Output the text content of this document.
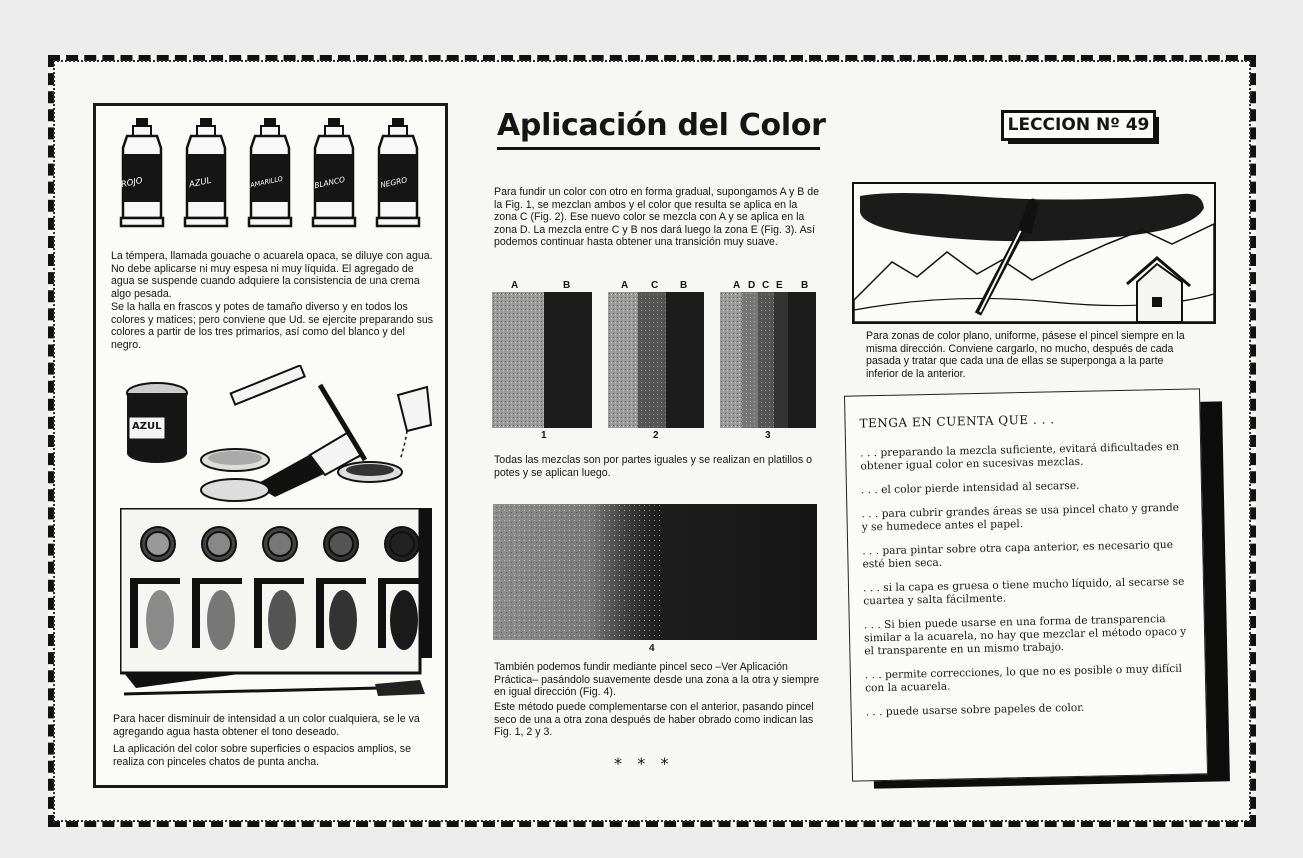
ROJO	AZUL	AMARILLO	BLANCO	NEGRO

La témpera, llamada gouache o acuarela opaca, se diluye con agua. No debe aplicarse ni muy espesa ni muy líquida. El agregado de agua se suspende cuando adquiere la consistencia de una crema algo pesada.

Se la halla en frascos y potes de tamaño diverso y en todos los colores y matices; pero conviene que Ud. se ejercite preparando sus colores a partir de los tres primarios, así como del blanco y del negro.

AZUL

Para hacer disminuir de intensidad a un color cualquiera, se le va agregando agua hasta obtener el tono deseado.

La aplicación del color sobre superficies o espacios amplios, se realiza con pinceles chatos de punta ancha.

Aplicación del Color	LECCION Nº 49

Para fundir un color con otro en forma gradual, supongamos A y B de la Fig. 1, se mezclan ambos y el color que resulta se aplica en la zona C (Fig. 2). Ese nuevo color se mezcla con A y se aplica en la zona D. La mezcla entre C y B nos dará luego la zona E (Fig. 3). Así podemos continuar hasta obtener una transición muy suave.

A	B	A C B	A D C E B
1	2	3

Todas las mezclas son por partes iguales y se realizan en platillos o potes y se aplican luego.

4

También podemos fundir mediante pincel seco –Ver Aplicación Práctica– pasándolo suavemente desde una zona a la otra y siempre en igual dirección (Fig. 4).

Este método puede complementarse con el anterior, pasando pincel seco de una a otra zona después de haber obrado como indican las Fig. 1, 2 y 3.

*   *   *

Para zonas de color plano, uniforme, pásese el pincel siempre en la misma dirección. Conviene cargarlo, no mucho, después de cada pasada y tratar que cada una de ellas se superponga a la parte inferior de la anterior.

TENGA EN CUENTA QUE . . .

. . . preparando la mezcla suficiente, evitará dificultades en obtener igual color en sucesivas mezclas.

. . . el color pierde intensidad al secarse.

. . . para cubrir grandes áreas se usa pincel chato y grande y se humedece antes el papel.

. . . para pintar sobre otra capa anterior, es necesario que esté bien seca.

. . . si la capa es gruesa o tiene mucho líquido, al secarse se cuartea y salta fácilmente.

. . . Si bien puede usarse en una forma de transparencia similar a la acuarela, no hay que mezclar el método opaco y el transparente en un mismo trabajo.

. . . permite correcciones, lo que no es posible o muy difícil con la acuarela.

. . . puede usarse sobre papeles de color.
